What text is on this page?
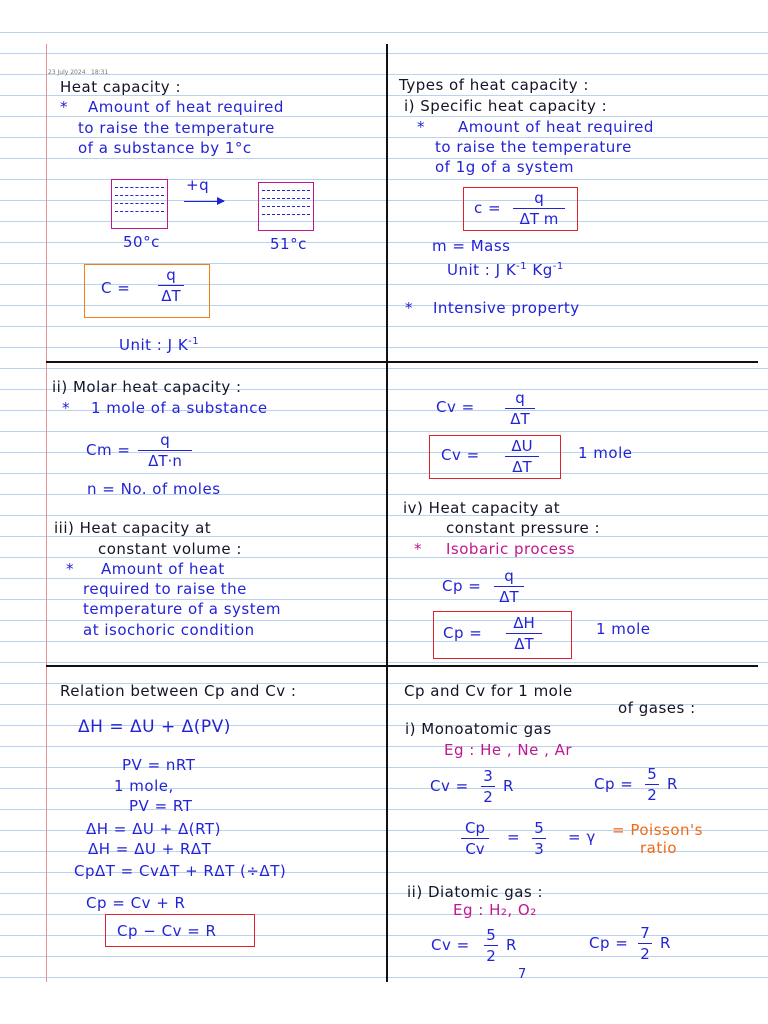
23 July 2024 18:31
Heat capacity :
* Amount of heat required
to raise the temperature
of a substance by 1°c
+q
50°c	51°c
C =
q
ΔT
Unit : J $K^{-1}$
Types of heat capacity :
i) Specific heat capacity :
* Amount of heat required
to raise the temperature
of 1g of a system
c =
q
ΔT m
m = Mass
Unit : J $K^{-1}$ $Kg^{-1}$
* Intensive property
ii) Molar heat capacity :
* 1 mole of a substance
Cm =
q
ΔT·n
n = No. of moles
iii) Heat capacity at
constant volume :
* Amount of heat
required to raise the
temperature of a system
at isochoric condition
Cv =	q
ΔT
Cv =	ΔU
ΔT
1 mole
iv) Heat capacity at
constant pressure :
* Isobaric process
Cp =
q
ΔT
Cp =
ΔH
ΔT
1 mole
Relation between Cp and Cv :
ΔH = ΔU + Δ(PV)
PV = nRT
1 mole,
PV = RT
ΔH = ΔU + Δ(RT)
ΔH = ΔU + RΔT
CpΔT = CvΔT + RΔT (÷ΔT)
Cp = Cv + R
Cp − Cv = R
Cp and Cv for 1 mole
of gases :
i) Monoatomic gas
Eg : He , Ne , Ar
Cv =
3
2
R	Cp =
5
2
R
Cp
Cv
= 5
3
= γ = Poisson's
ratio
ii) Diatomic gas :
Eg : H₂, O₂
Cv =
5
2
R	Cp =
7
2
R
7
